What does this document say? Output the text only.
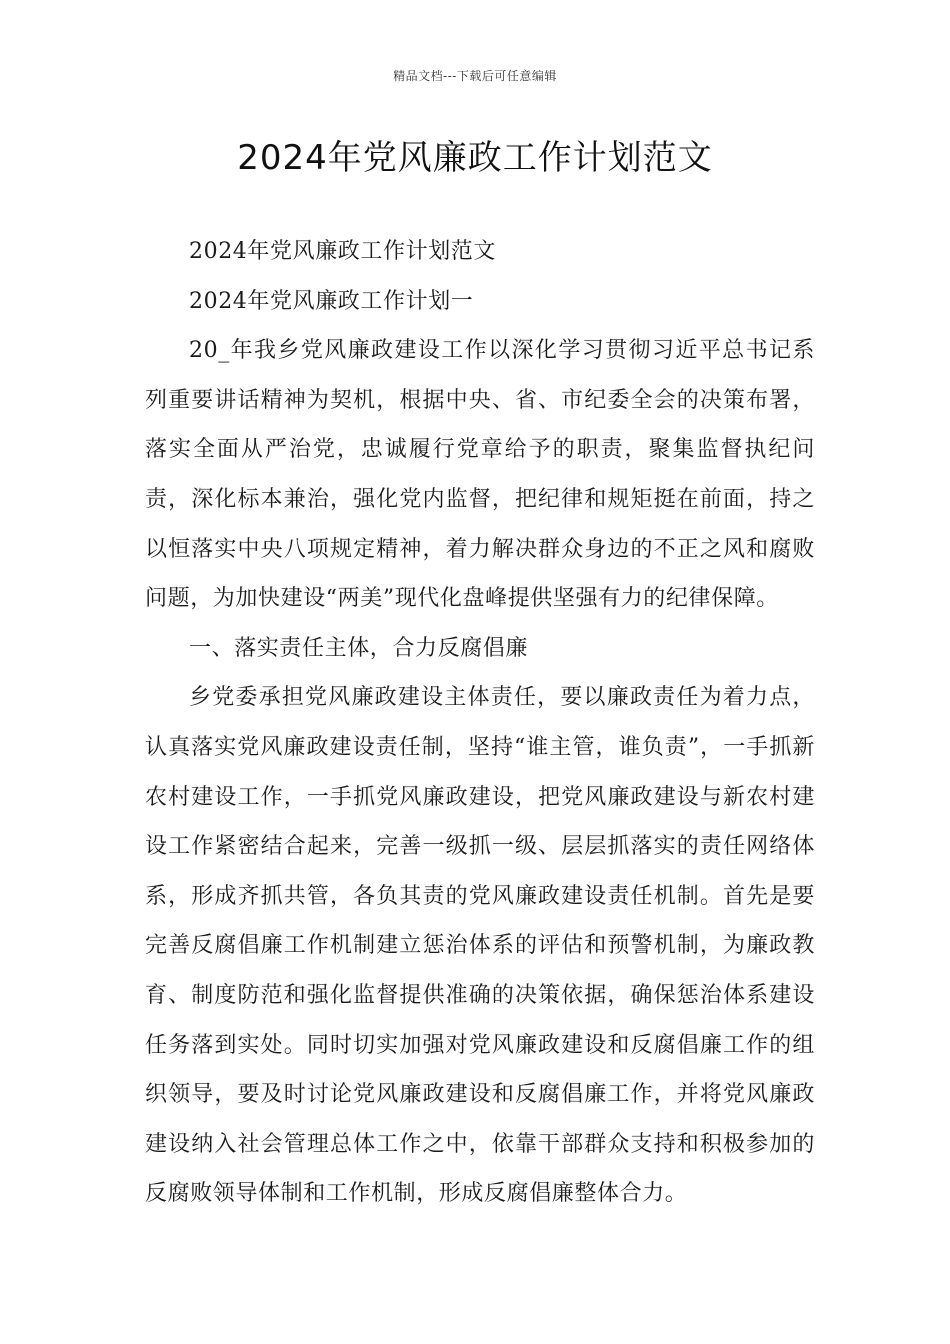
精品文档---下载后可任意编辑
2024年党风廉政工作计划范文

2024年党风廉政工作计划范文

2024年党风廉政工作计划一

20_年我乡党风廉政建设工作以深化学习贯彻习近平总书记系列重要讲话精神为契机，根据中央、省、市纪委全会的决策布署，落实全面从严治党，忠诚履行党章给予的职责，聚集监督执纪问责，深化标本兼治，强化党内监督，把纪律和规矩挺在前面，持之以恒落实中央八项规定精神，着力解决群众身边的不正之风和腐败问题，为加快建设“两美”现代化盘峰提供坚强有力的纪律保障。

一、落实责任主体，合力反腐倡廉

乡党委承担党风廉政建设主体责任，要以廉政责任为着力点，认真落实党风廉政建设责任制，坚持“谁主管，谁负责”，一手抓新农村建设工作，一手抓党风廉政建设，把党风廉政建设与新农村建设工作紧密结合起来，完善一级抓一级、层层抓落实的责任网络体系，形成齐抓共管，各负其责的党风廉政建设责任机制。首先是要完善反腐倡廉工作机制建立惩治体系的评估和预警机制，为廉政教育、制度防范和强化监督提供准确的决策依据，确保惩治体系建设任务落到实处。同时切实加强对党风廉政建设和反腐倡廉工作的组织领导，要及时讨论党风廉政建设和反腐倡廉工作，并将党风廉政建设纳入社会管理总体工作之中，依靠干部群众支持和积极参加的反腐败领导体制和工作机制，形成反腐倡廉整体合力。
